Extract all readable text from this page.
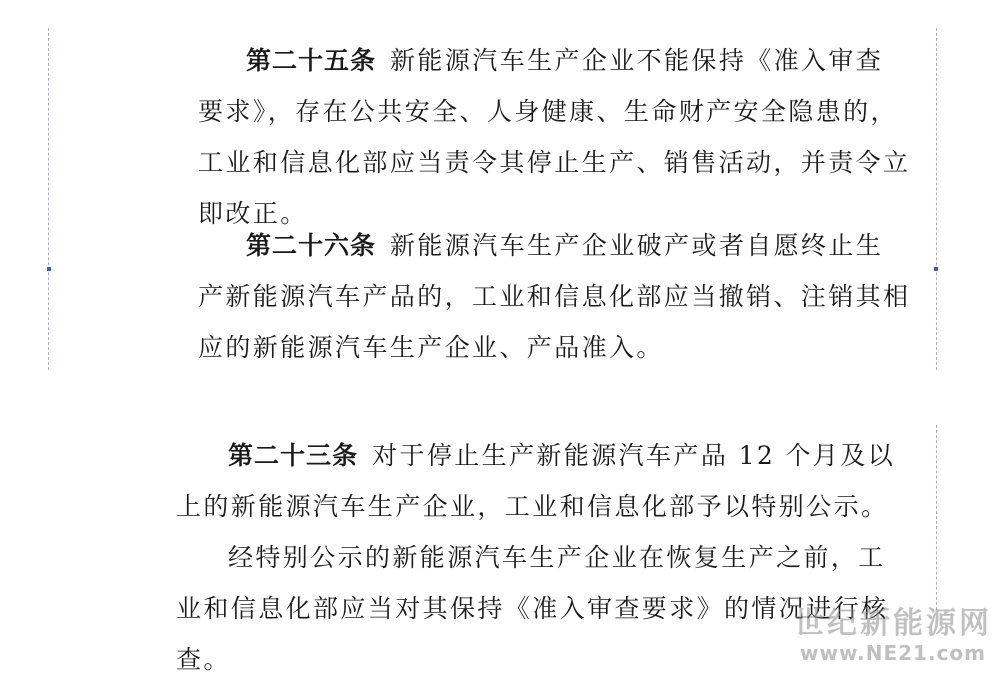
第二十五条 新能源汽车生产企业不能保持《准入审查
要求》，存在公共安全、人身健康、生命财产安全隐患的，
工业和信息化部应当责令其停止生产、销售活动，并责令立
即改正。
第二十六条 新能源汽车生产企业破产或者自愿终止生
产新能源汽车产品的，工业和信息化部应当撤销、注销其相
应的新能源汽车生产企业、产品准入。
第二十三条 对于停止生产新能源汽车产品 12 个月及以
上的新能源汽车生产企业，工业和信息化部予以特别公示。
经特别公示的新能源汽车生产企业在恢复生产之前，工
业和信息化部应当对其保持《准入审查要求》的情况进行核
查。
世纪新能源网
www.NE21.com
